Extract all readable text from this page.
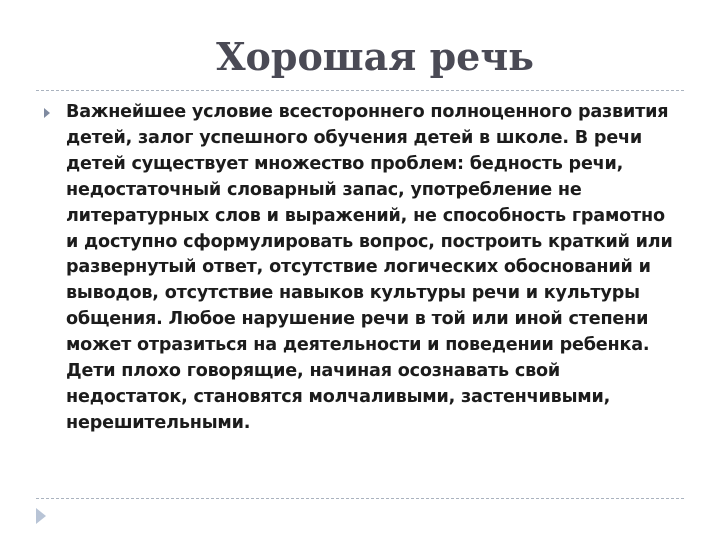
Хорошая речь

Важнейшее условие всестороннего полноценного развития детей, залог успешного обучения детей в школе. В речи детей существует множество проблем: бедность речи, недостаточный словарный запас, употребление не литературных слов и выражений, не способность грамотно и доступно сформулировать вопрос, построить краткий или развернутый ответ, отсутствие логических обоснований и выводов, отсутствие навыков культуры речи и культуры общения. Любое нарушение речи в той или иной степени может отразиться на деятельности и поведении ребенка. Дети плохо говорящие, начиная осознавать свой недостаток, становятся молчаливыми, застенчивыми, нерешительными.
